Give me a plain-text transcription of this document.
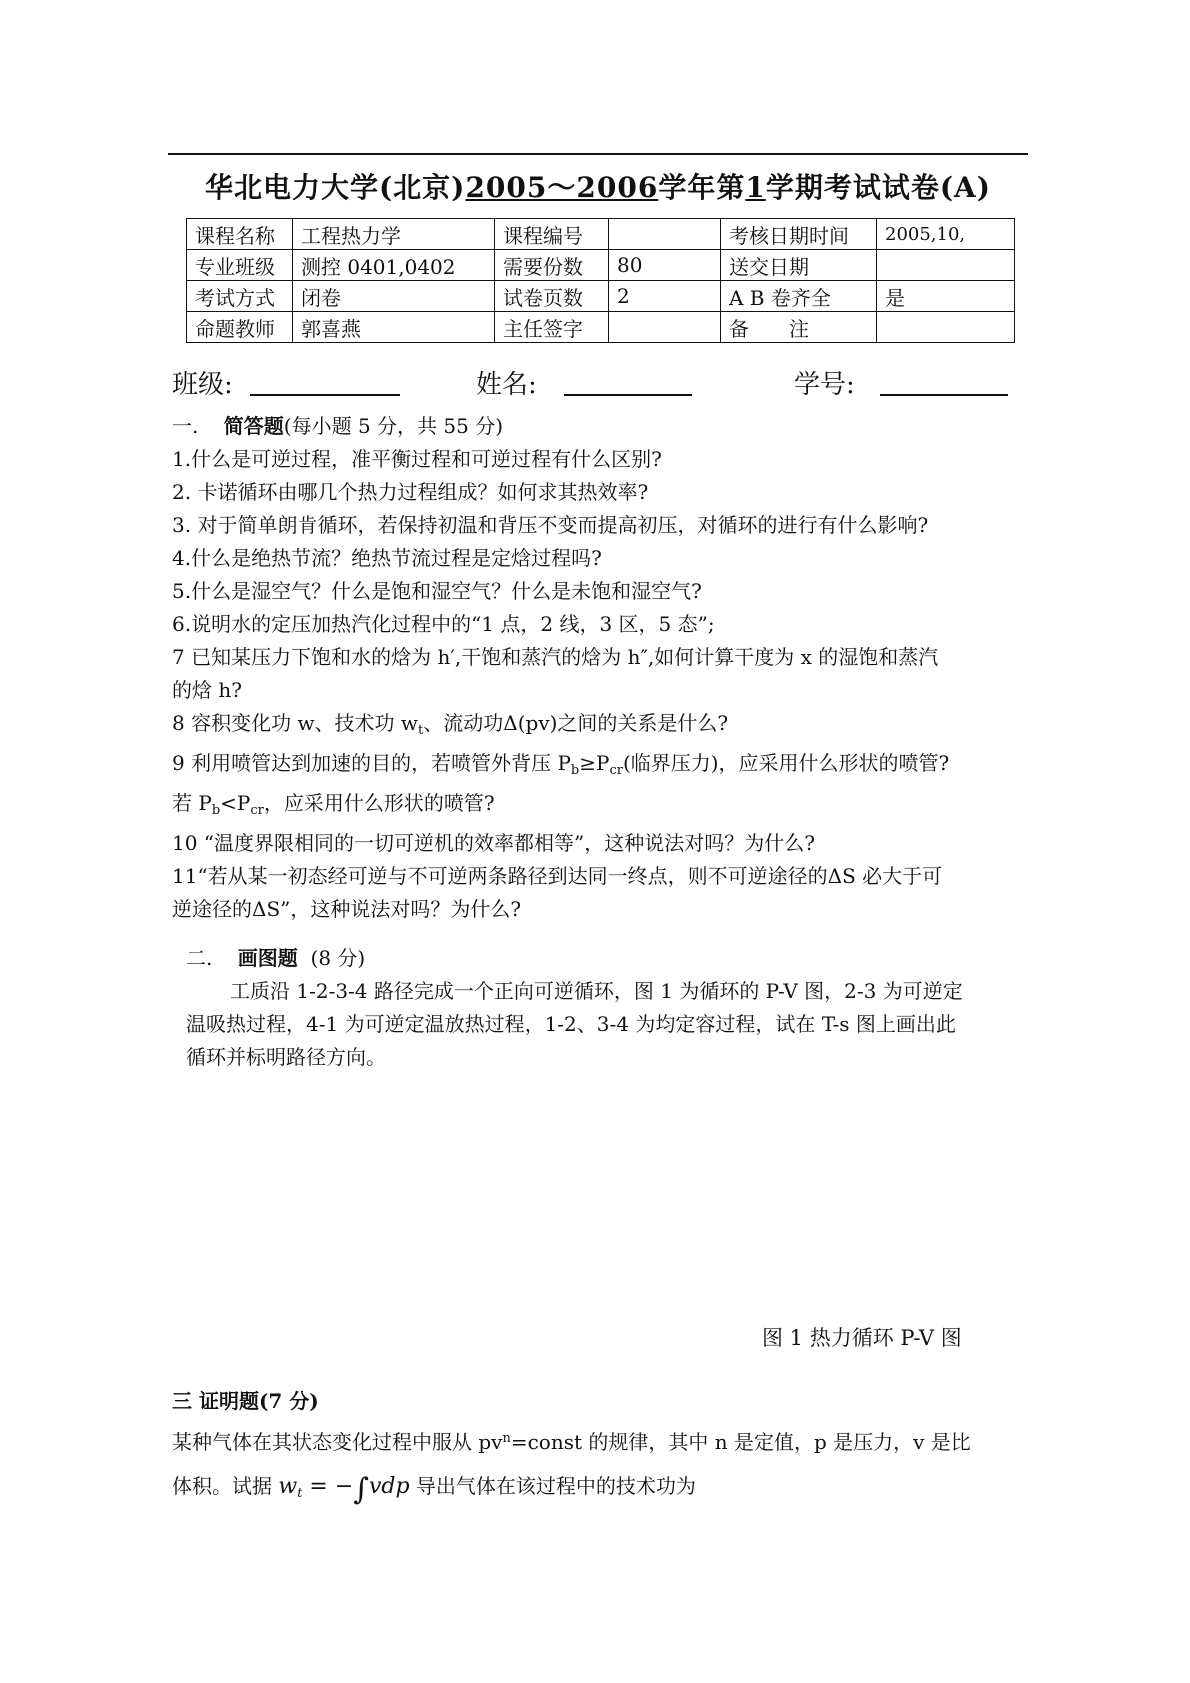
华北电力大学(北京)2005～2006学年第1学期考试试卷(A)
课程名称	工程热力学	课程编号		考核日期时间	2005,10,
专业班级	测控 0401,0402	需要份数	80	送交日期	
考试方式	闭卷	试卷页数	2	A B 卷齐全	是
命题教师	郭喜燕	主任签字		备　　注	
班级:	姓名:	学号:
一. 简答题(每小题 5 分，共 55 分)
1.什么是可逆过程，准平衡过程和可逆过程有什么区别?
2. 卡诺循环由哪几个热力过程组成？如何求其热效率?
3. 对于简单朗肯循环，若保持初温和背压不变而提高初压，对循环的进行有什么影响?
4.什么是绝热节流？绝热节流过程是定焓过程吗?
5.什么是湿空气？什么是饱和湿空气？什么是未饱和湿空气?
6.说明水的定压加热汽化过程中的“1 点，2 线，3 区，5 态”;
7 已知某压力下饱和水的焓为 h′,干饱和蒸汽的焓为 h″,如何计算干度为 x 的湿饱和蒸汽
的焓 h?
8 容积变化功 w、技术功 $w_t$、流动功Δ(pv)之间的关系是什么?
9 利用喷管达到加速的目的，若喷管外背压 $P_b\ge P_{cr}$(临界压力)，应采用什么形状的喷管?
若 $P_b<P_{cr}$，应采用什么形状的喷管?
10 “温度界限相同的一切可逆机的效率都相等”，这种说法对吗？为什么?
11“若从某一初态经可逆与不可逆两条路径到达同一终点，则不可逆途径的ΔS 必大于可
逆途径的ΔS”，这种说法对吗？为什么?
二. 画图题 (8 分)
工质沿 1-2-3-4 路径完成一个正向可逆循环，图 1 为循环的 P-V 图，2-3 为可逆定
温吸热过程，4-1 为可逆定温放热过程，1-2、3-4 为均定容过程，试在 T-s 图上画出此
循环并标明路径方向。
图 1 热力循环 P-V 图
三 证明题(7 分)
某种气体在其状态变化过程中服从 $pv^n=const$ 的规律，其中 n 是定值，p 是压力，v 是比
体积。试据 $w_t = -\int vdp$ 导出气体在该过程中的技术功为
